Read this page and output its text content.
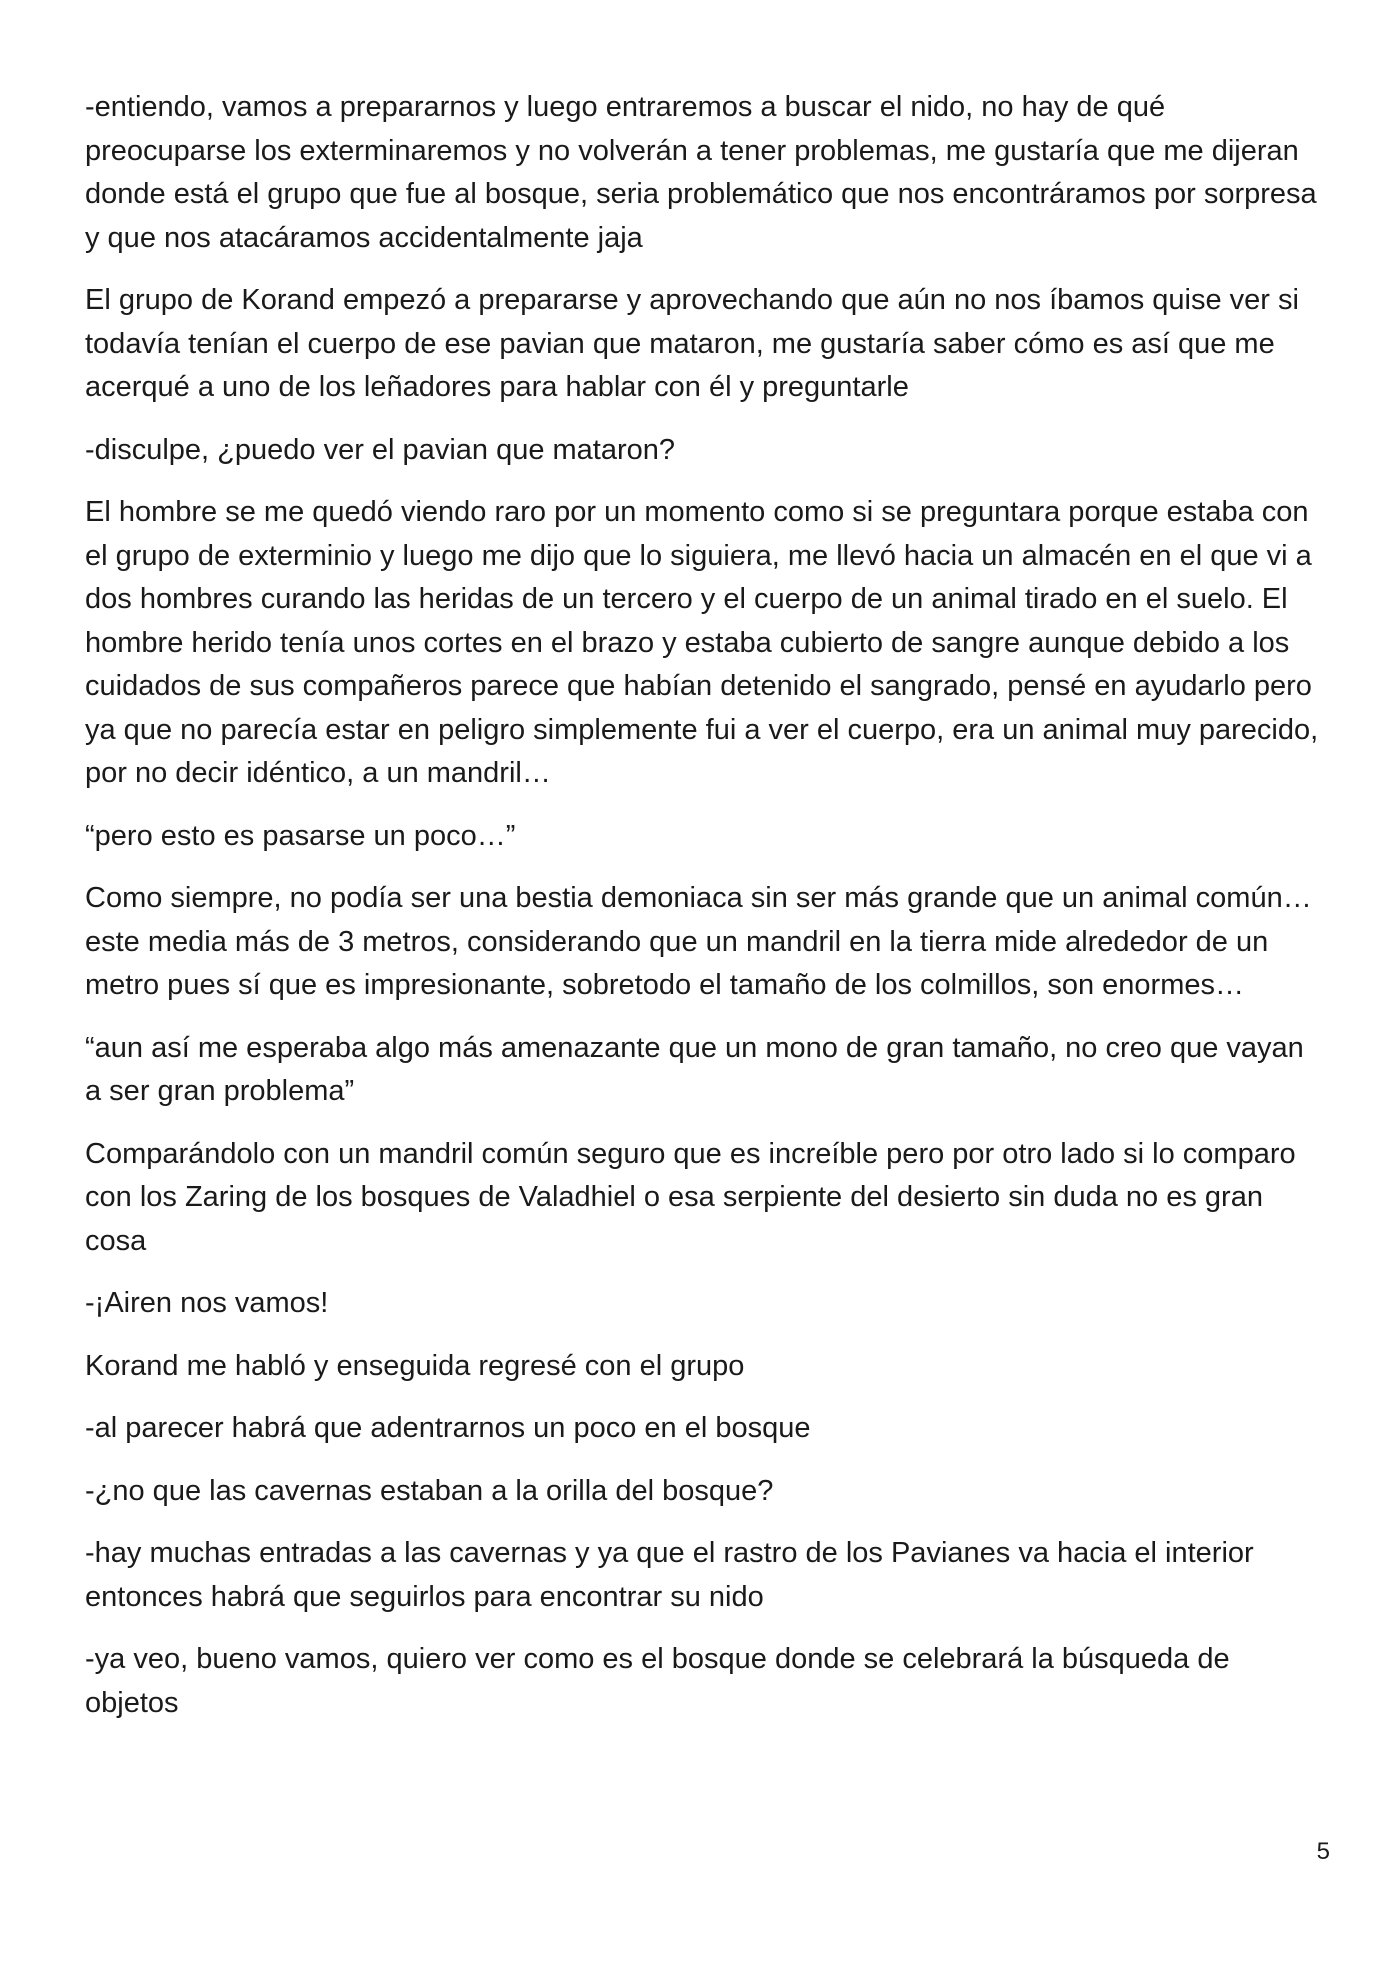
-entiendo, vamos a prepararnos y luego entraremos a buscar el nido, no hay de qué preocuparse los exterminaremos y no volverán a tener problemas, me gustaría que me dijeran donde está el grupo que fue al bosque, seria problemático que nos encontráramos por sorpresa y que nos atacáramos accidentalmente jaja

El grupo de Korand empezó a prepararse y aprovechando que aún no nos íbamos quise ver si todavía tenían el cuerpo de ese pavian que mataron, me gustaría saber cómo es así que me acerqué a uno de los leñadores para hablar con él y preguntarle

-disculpe, ¿puedo ver el pavian que mataron?

El hombre se me quedó viendo raro por un momento como si se preguntara porque estaba con el grupo de exterminio y luego me dijo que lo siguiera, me llevó hacia un almacén en el que vi a dos hombres curando las heridas de un tercero y el cuerpo de un animal tirado en el suelo. El hombre herido tenía unos cortes en el brazo y estaba cubierto de sangre aunque debido a los cuidados de sus compañeros parece que habían detenido el sangrado, pensé en ayudarlo pero ya que no parecía estar en peligro simplemente fui a ver el cuerpo, era un animal muy parecido, por no decir idéntico, a un mandril…

“pero esto es pasarse un poco…”

Como siempre, no podía ser una bestia demoniaca sin ser más grande que un animal común… este media más de 3 metros, considerando que un mandril en la tierra mide alrededor de un metro pues sí que es impresionante, sobretodo el tamaño de los colmillos, son enormes…

“aun así me esperaba algo más amenazante que un mono de gran tamaño, no creo que vayan a ser gran problema”

Comparándolo con un mandril común seguro que es increíble pero por otro lado si lo comparo con los Zaring de los bosques de Valadhiel o esa serpiente del desierto sin duda no es gran cosa

-¡Airen nos vamos!

Korand me habló y enseguida regresé con el grupo

-al parecer habrá que adentrarnos un poco en el bosque

-¿no que las cavernas estaban a la orilla del bosque?

-hay muchas entradas a las cavernas y ya que el rastro de los Pavianes va hacia el interior entonces habrá que seguirlos para encontrar su nido

-ya veo, bueno vamos, quiero ver como es el bosque donde se celebrará la búsqueda de objetos

5
